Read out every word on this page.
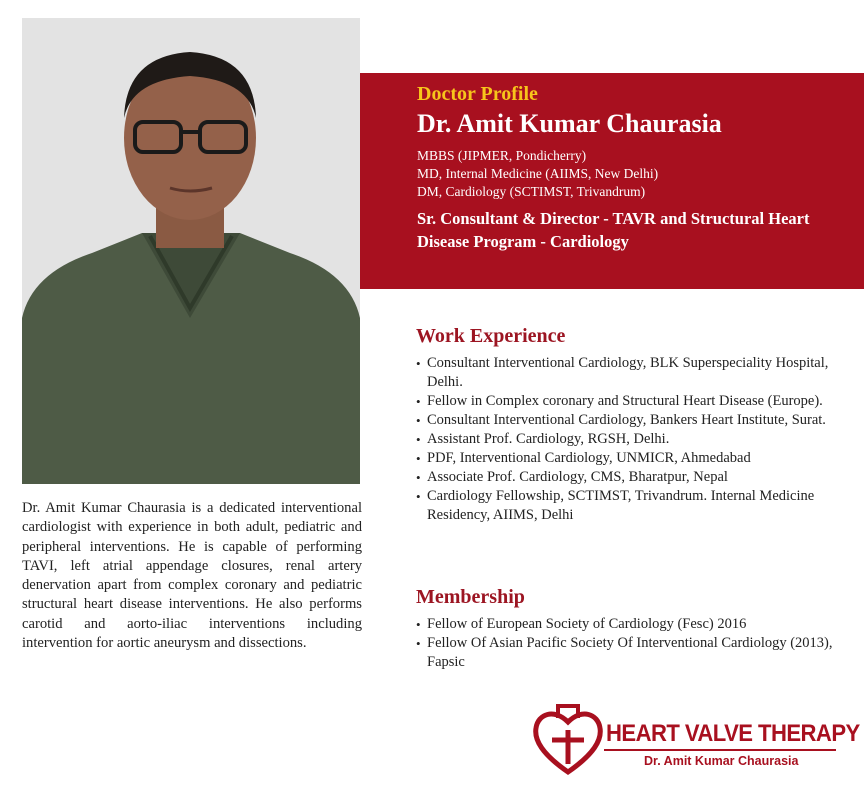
Doctor Profile
Dr. Amit Kumar Chaurasia
MBBS (JIPMER, Pondicherry)
MD, Internal Medicine (AIIMS, New Delhi)
DM, Cardiology (SCTIMST, Trivandrum)
Sr. Consultant & Director - TAVR and Structural Heart Disease Program - Cardiology
Work Experience
• Consultant Interventional Cardiology, BLK Superspeciality Hospital, Delhi.
• Fellow in Complex coronary and Structural Heart Disease (Europe).
• Consultant Interventional Cardiology, Bankers Heart Institute, Surat.
• Assistant Prof. Cardiology, RGSH, Delhi.
• PDF, Interventional Cardiology, UNMICR, Ahmedabad
• Associate Prof. Cardiology, CMS, Bharatpur, Nepal
• Cardiology Fellowship, SCTIMST, Trivandrum. Internal Medicine Residency, AIIMS, Delhi
Membership
• Fellow of European Society of Cardiology (Fesc) 2016
• Fellow Of Asian Pacific Society Of Interventional Cardiology (2013), Fapsic

Dr. Amit Kumar Chaurasia is a dedicated interventional cardiologist with experience in both adult, pediatric and peripheral interventions. He is capable of performing TAVI, left atrial appendage closures, renal artery denervation apart from complex coronary and pediatric structural heart disease interventions. He also performs carotid and aorto-iliac interventions including intervention for aortic aneurysm and dissections.

HEART VALVE THERAPY
Dr. Amit Kumar Chaurasia
